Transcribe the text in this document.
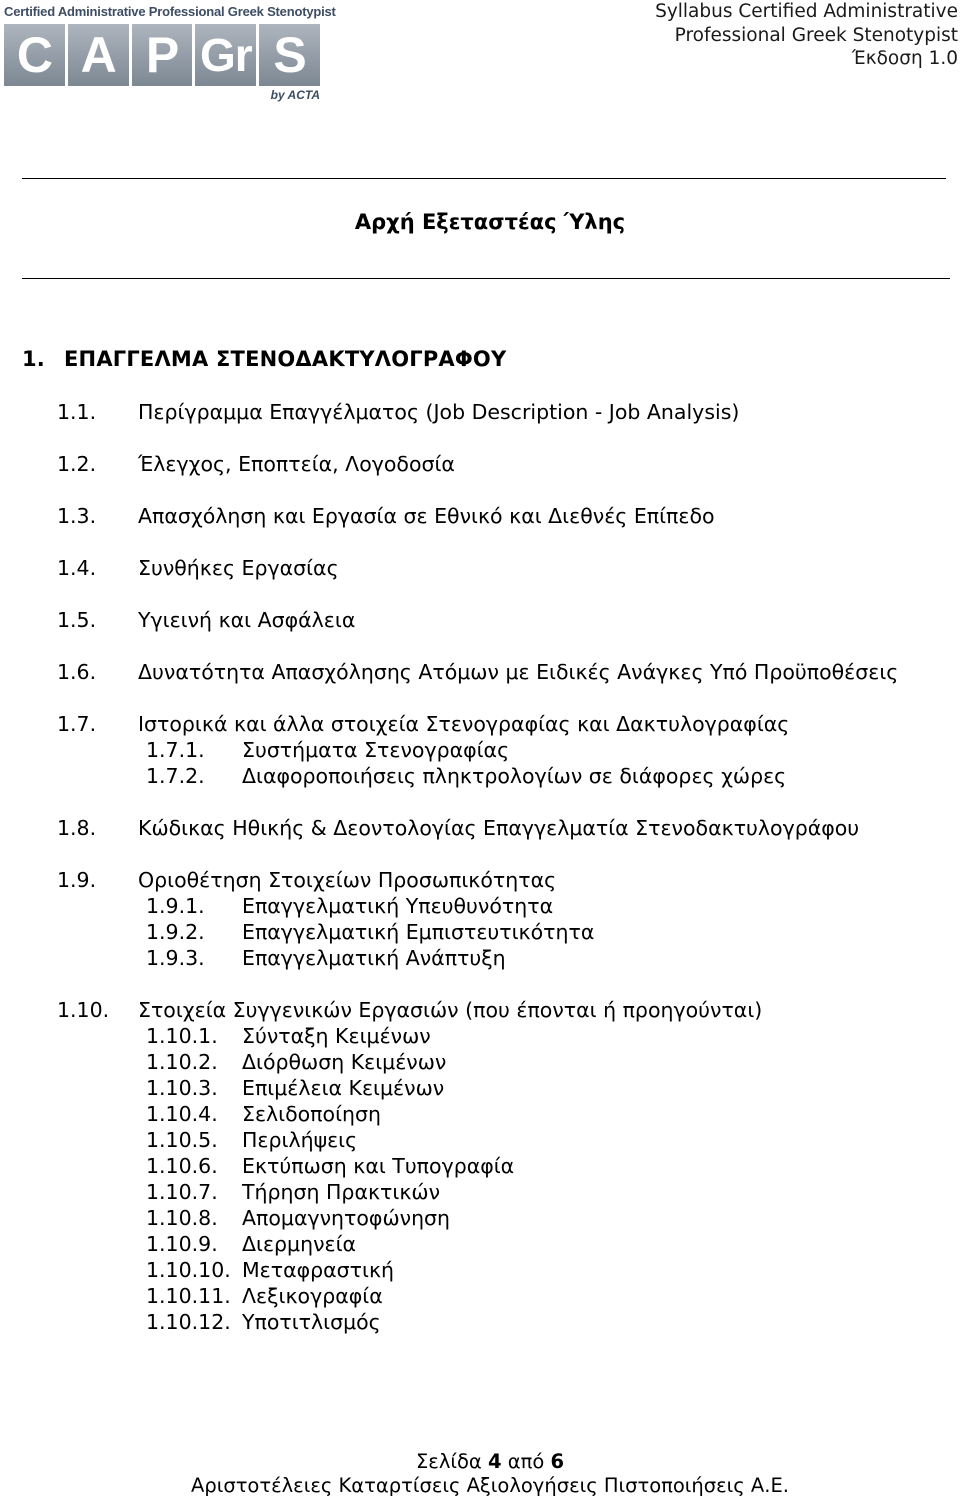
Certified Administrative Professional Greek Stenotypist
C A P Gr S
by ACTA
Syllabus Certified Administrative
Professional Greek Stenotypist
Έκδοση 1.0
Αρχή Εξεταστέας Ύλης
1. ΕΠΑΓΓΕΛΜΑ ΣΤΕΝΟΔΑΚΤΥΛΟΓΡΑΦΟΥ
1.1. Περίγραμμα Επαγγέλματος (Job Description - Job Analysis)
1.2. Έλεγχος, Εποπτεία, Λογοδοσία
1.3. Απασχόληση και Εργασία σε Εθνικό και Διεθνές Επίπεδο
1.4. Συνθήκες Εργασίας
1.5. Υγιεινή και Ασφάλεια
1.6. Δυνατότητα Απασχόλησης Ατόμων με Ειδικές Ανάγκες Υπό Προϋποθέσεις
1.7. Ιστορικά και άλλα στοιχεία Στενογραφίας και Δακτυλογραφίας
1.7.1. Συστήματα Στενογραφίας
1.7.2. Διαφοροποιήσεις πληκτρολογίων σε διάφορες χώρες
1.8. Κώδικας Ηθικής & Δεοντολογίας Επαγγελματία Στενοδακτυλογράφου
1.9. Οριοθέτηση Στοιχείων Προσωπικότητας
1.9.1. Επαγγελματική Υπευθυνότητα
1.9.2. Επαγγελματική Εμπιστευτικότητα
1.9.3. Επαγγελματική Ανάπτυξη
1.10. Στοιχεία Συγγενικών Εργασιών (που έπονται ή προηγούνται)
1.10.1. Σύνταξη Κειμένων
1.10.2. Διόρθωση Κειμένων
1.10.3. Επιμέλεια Κειμένων
1.10.4. Σελιδοποίηση
1.10.5. Περιλήψεις
1.10.6. Εκτύπωση και Τυπογραφία
1.10.7. Τήρηση Πρακτικών
1.10.8. Απομαγνητοφώνηση
1.10.9. Διερμηνεία
1.10.10. Μεταφραστική
1.10.11. Λεξικογραφία
1.10.12. Υποτιτλισμός
Σελίδα 4 από 6
Αριστοτέλειες Καταρτίσεις Αξιολογήσεις Πιστοποιήσεις Α.Ε.
